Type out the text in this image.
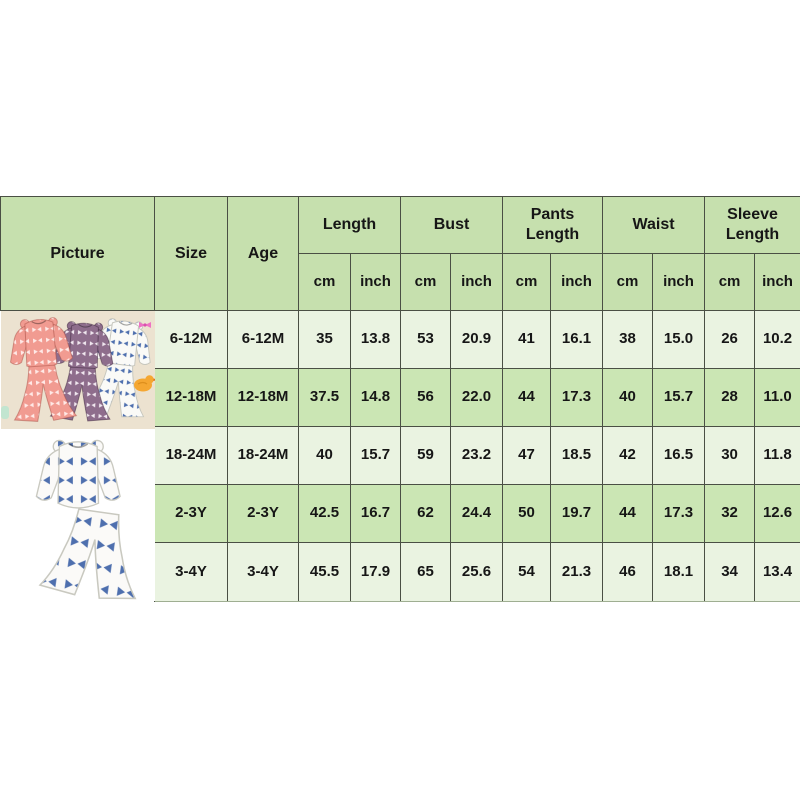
Picture	Size	Age	Length		Bust		Pants Length		Waist		Sleeve Length	
			cm	inch	cm	inch	cm	inch	cm	inch	cm	inch

	6-12M	6-12M	35	13.8	53	20.9	41	16.1	38	15.0	26	10.2
	12-18M	12-18M	37.5	14.8	56	22.0	44	17.3	40	15.7	28	11.0
	18-24M	18-24M	40	15.7	59	23.2	47	18.5	42	16.5	30	11.8
	2-3Y	2-3Y	42.5	16.7	62	24.4	50	19.7	44	17.3	32	12.6
	3-4Y	3-4Y	45.5	17.9	65	25.6	54	21.3	46	18.1	34	13.4
